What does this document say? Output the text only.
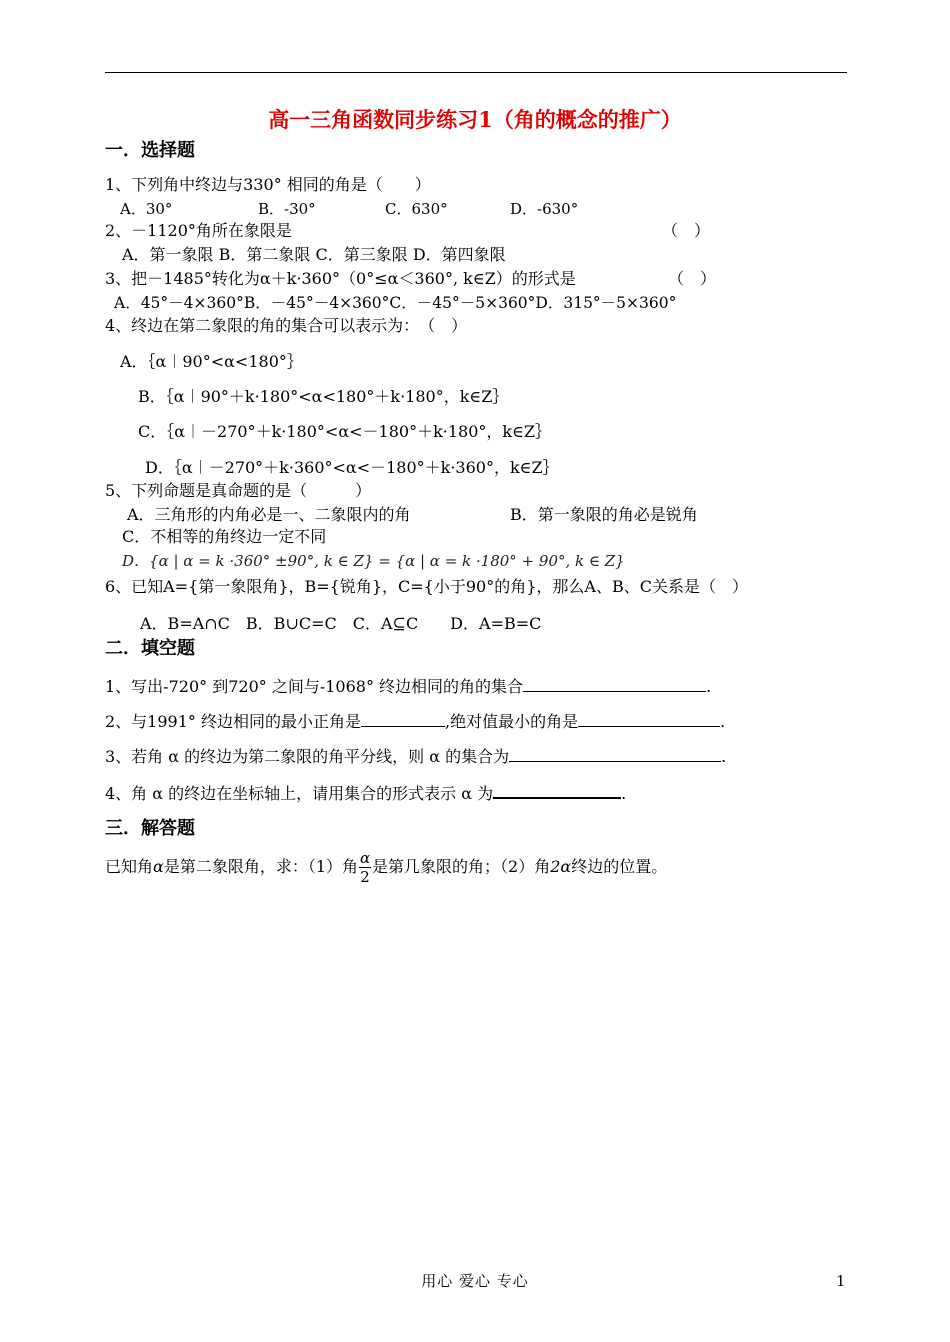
高一三角函数同步练习1（角的概念的推广）
一．选择题
1、下列角中终边与330° 相同的角是（　　）
A．30°	B．-30°	C．630°	D．-630°
2、－1120°角所在象限是	（　）
A．第一象限 B．第二象限 C．第三象限 D．第四象限
3、把－1485°转化为α＋k·360°（0°≤α＜360°, k∈Z）的形式是	（　）
A．45°－4×360°B．－45°－4×360°C．－45°－5×360°D．315°－5×360°
4、终边在第二象限的角的集合可以表示为：　（　）
A．｛α︱90°<α<180°｝
B．｛α︱90°＋k·180°<α<180°＋k·180°，k∈Z｝
C．｛α︱－270°＋k·180°<α<－180°＋k·180°，k∈Z｝
D．｛α︱－270°＋k·360°<α<－180°＋k·360°，k∈Z｝
5、下列命题是真命题的是（　　　）
A．三角形的内角必是一、二象限内的角	B．第一象限的角必是锐角
C．不相等的角终边一定不同
D．{α | α = k ·360° ±90°, k ∈ Z} = {α | α = k ·180° + 90°, k ∈ Z}
6、已知A={第一象限角}，B={锐角}，C={小于90°的角}，那么A、B、C关系是（　）
A．B=A∩C　B．B∪C=C　C．A⊆C　　D．A=B=C
二．填空题
1、写出-720° 到720° 之间与-1068° 终边相同的角的集合	.
2、与1991° 终边相同的最小正角是	,绝对值最小的角是	.
3、若角 α 的终边为第二象限的角平分线，则 α 的集合为	.
4、角 α 的终边在坐标轴上，请用集合的形式表示 α 为	.
三．解答题
已知角α是第二象限角，求：（1）角 $\frac{\alpha}{2}$ 是第几象限的角；（2）角2α终边的位置。
用心 爱心 专心	1
